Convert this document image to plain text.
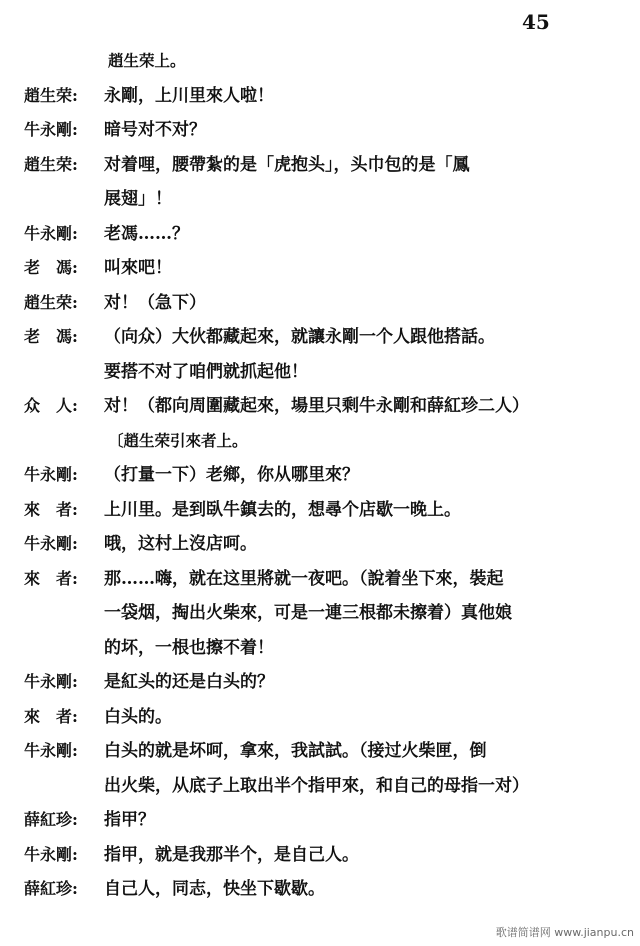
45
趙生荣上。
趙生荣:	永剛，上川里來人啦！
牛永剛:	暗号对不对？
趙生荣:	对着哩，腰帶紮的是「虎抱头」，头巾包的是「鳳
展翅」！
牛永剛:	老馮……？
老　馮:	叫來吧！
趙生荣:	对！（急下）
老　馮:	（向众）大伙都藏起來，就讓永剛一个人跟他搭話。
要搭不对了咱們就抓起他！
众　人:	对！（都向周圍藏起來，場里只剩牛永剛和薛紅珍二人）
〔趙生荣引來者上。
牛永剛:	（打量一下）老鄉，你从哪里來？
來　者:	上川里。是到臥牛鎮去的，想尋个店歇一晚上。
牛永剛:	哦，这村上沒店呵。
來　者:	那……嗨，就在这里將就一夜吧。（說着坐下來，裝起
一袋烟，掏出火柴來，可是一連三根都未擦着）真他娘
的坏，一根也擦不着！
牛永剛:	是紅头的还是白头的？
來　者:	白头的。
牛永剛:	白头的就是坏呵，拿來，我試試。（接过火柴匣，倒
出火柴，从底子上取出半个指甲來，和自己的母指一对）
薛紅珍:	指甲？
牛永剛:	指甲，就是我那半个，是自己人。
薛紅珍:	自己人，同志，快坐下歇歇。
歌谱简谱网 www.jianpu.cn
